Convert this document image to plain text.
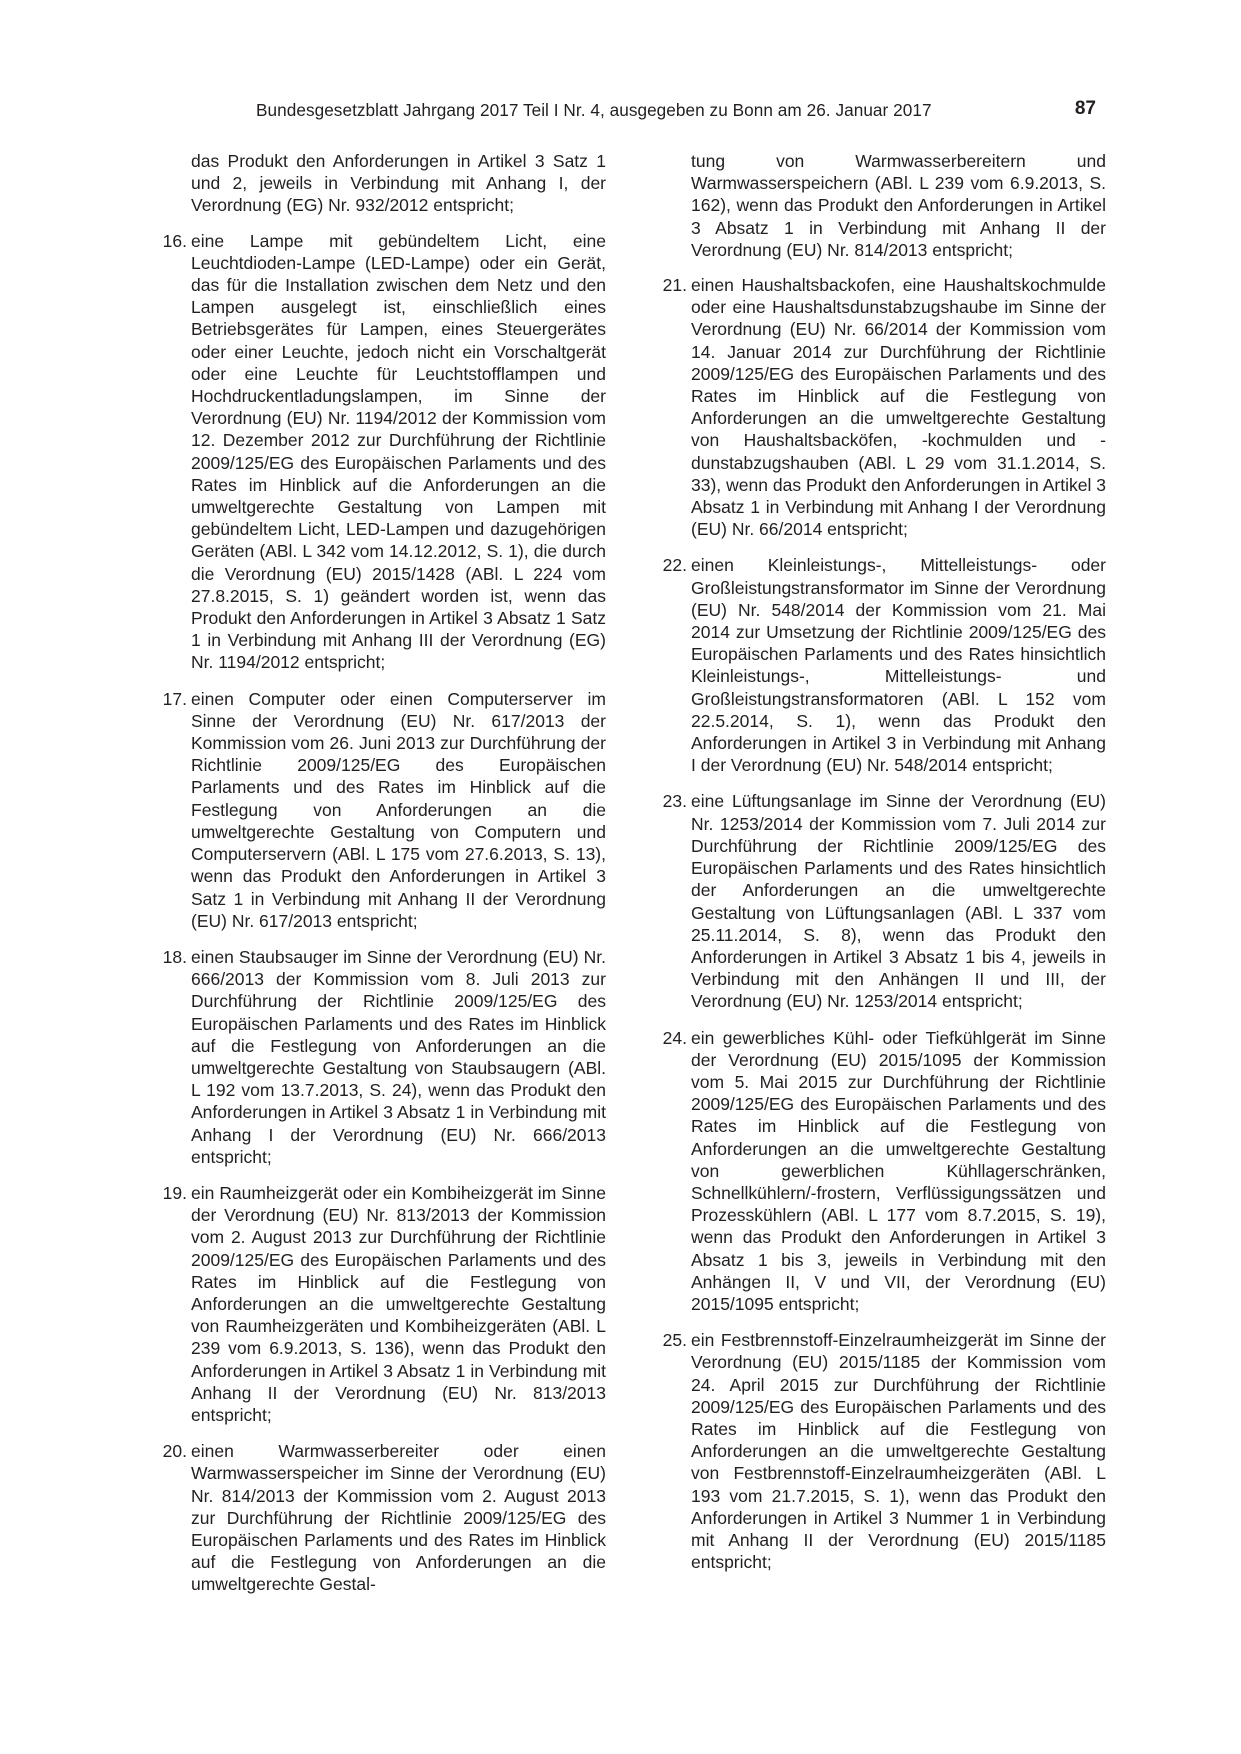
Bundesgesetzblatt Jahrgang 2017 Teil I Nr. 4, ausgegeben zu Bonn am 26. Januar 2017	87

das Produkt den Anforderungen in Artikel 3 Satz 1 und 2, jeweils in Verbindung mit Anhang I, der Verordnung (EG) Nr. 932/2012 entspricht;

16. eine Lampe mit gebündeltem Licht, eine Leuchtdioden-Lampe (LED-Lampe) oder ein Gerät, das für die Installation zwischen dem Netz und den Lampen ausgelegt ist, einschließlich eines Betriebsgerätes für Lampen, eines Steuergerätes oder einer Leuchte, jedoch nicht ein Vorschaltgerät oder eine Leuchte für Leuchtstofflampen und Hochdruckentladungslampen, im Sinne der Verordnung (EU) Nr. 1194/2012 der Kommission vom 12. Dezember 2012 zur Durchführung der Richtlinie 2009/125/EG des Europäischen Parlaments und des Rates im Hinblick auf die Anforderungen an die umweltgerechte Gestaltung von Lampen mit gebündeltem Licht, LED-Lampen und dazugehörigen Geräten (ABl. L 342 vom 14.12.2012, S. 1), die durch die Verordnung (EU) 2015/1428 (ABl. L 224 vom 27.8.2015, S. 1) geändert worden ist, wenn das Produkt den Anforderungen in Artikel 3 Absatz 1 Satz 1 in Verbindung mit Anhang III der Verordnung (EG) Nr. 1194/2012 entspricht;
17. einen Computer oder einen Computerserver im Sinne der Verordnung (EU) Nr. 617/2013 der Kommission vom 26. Juni 2013 zur Durchführung der Richtlinie 2009/125/EG des Europäischen Parlaments und des Rates im Hinblick auf die Festlegung von Anforderungen an die umweltgerechte Gestaltung von Computern und Computerservern (ABl. L 175 vom 27.6.2013, S. 13), wenn das Produkt den Anforderungen in Artikel 3 Satz 1 in Verbindung mit Anhang II der Verordnung (EU) Nr. 617/2013 entspricht;
18. einen Staubsauger im Sinne der Verordnung (EU) Nr. 666/2013 der Kommission vom 8. Juli 2013 zur Durchführung der Richtlinie 2009/125/EG des Europäischen Parlaments und des Rates im Hinblick auf die Festlegung von Anforderungen an die umweltgerechte Gestaltung von Staubsaugern (ABl. L 192 vom 13.7.2013, S. 24), wenn das Produkt den Anforderungen in Artikel 3 Absatz 1 in Verbindung mit Anhang I der Verordnung (EU) Nr. 666/2013 entspricht;
19. ein Raumheizgerät oder ein Kombiheizgerät im Sinne der Verordnung (EU) Nr. 813/2013 der Kommission vom 2. August 2013 zur Durchführung der Richtlinie 2009/125/EG des Europäischen Parlaments und des Rates im Hinblick auf die Festlegung von Anforderungen an die umweltgerechte Gestaltung von Raumheizgeräten und Kombiheizgeräten (ABl. L 239 vom 6.9.2013, S. 136), wenn das Produkt den Anforderungen in Artikel 3 Absatz 1 in Verbindung mit Anhang II der Verordnung (EU) Nr. 813/2013 entspricht;
20. einen Warmwasserbereiter oder einen Warmwasserspeicher im Sinne der Verordnung (EU) Nr. 814/2013 der Kommission vom 2. August 2013 zur Durchführung der Richtlinie 2009/125/EG des Europäischen Parlaments und des Rates im Hinblick auf die Festlegung von Anforderungen an die umweltgerechte Gestal-

tung von Warmwasserbereitern und Warmwasserspeichern (ABl. L 239 vom 6.9.2013, S. 162), wenn das Produkt den Anforderungen in Artikel 3 Absatz 1 in Verbindung mit Anhang II der Verordnung (EU) Nr. 814/2013 entspricht;

21. einen Haushaltsbackofen, eine Haushaltskochmulde oder eine Haushaltsdunstabzugshaube im Sinne der Verordnung (EU) Nr. 66/2014 der Kommission vom 14. Januar 2014 zur Durchführung der Richtlinie 2009/125/EG des Europäischen Parlaments und des Rates im Hinblick auf die Festlegung von Anforderungen an die umweltgerechte Gestaltung von Haushaltsbacköfen, -kochmulden und -dunstabzugshauben (ABl. L 29 vom 31.1.2014, S. 33), wenn das Produkt den Anforderungen in Artikel 3 Absatz 1 in Verbindung mit Anhang I der Verordnung (EU) Nr. 66/2014 entspricht;
22. einen Kleinleistungs-, Mittelleistungs- oder Großleistungstransformator im Sinne der Verordnung (EU) Nr. 548/2014 der Kommission vom 21. Mai 2014 zur Umsetzung der Richtlinie 2009/125/EG des Europäischen Parlaments und des Rates hinsichtlich Kleinleistungs-, Mittelleistungs- und Großleistungstransformatoren (ABl. L 152 vom 22.5.2014, S. 1), wenn das Produkt den Anforderungen in Artikel 3 in Verbindung mit Anhang I der Verordnung (EU) Nr. 548/2014 entspricht;
23. eine Lüftungsanlage im Sinne der Verordnung (EU) Nr. 1253/2014 der Kommission vom 7. Juli 2014 zur Durchführung der Richtlinie 2009/125/EG des Europäischen Parlaments und des Rates hinsichtlich der Anforderungen an die umweltgerechte Gestaltung von Lüftungsanlagen (ABl. L 337 vom 25.11.2014, S. 8), wenn das Produkt den Anforderungen in Artikel 3 Absatz 1 bis 4, jeweils in Verbindung mit den Anhängen II und III, der Verordnung (EU) Nr. 1253/2014 entspricht;
24. ein gewerbliches Kühl- oder Tiefkühlgerät im Sinne der Verordnung (EU) 2015/1095 der Kommission vom 5. Mai 2015 zur Durchführung der Richtlinie 2009/125/EG des Europäischen Parlaments und des Rates im Hinblick auf die Festlegung von Anforderungen an die umweltgerechte Gestaltung von gewerblichen Kühllagerschränken, Schnellkühlern/-frostern, Verflüssigungssätzen und Prozesskühlern (ABl. L 177 vom 8.7.2015, S. 19), wenn das Produkt den Anforderungen in Artikel 3 Absatz 1 bis 3, jeweils in Verbindung mit den Anhängen II, V und VII, der Verordnung (EU) 2015/1095 entspricht;
25. ein Festbrennstoff-Einzelraumheizgerät im Sinne der Verordnung (EU) 2015/1185 der Kommission vom 24. April 2015 zur Durchführung der Richtlinie 2009/125/EG des Europäischen Parlaments und des Rates im Hinblick auf die Festlegung von Anforderungen an die umweltgerechte Gestaltung von Festbrennstoff-Einzelraumheizgeräten (ABl. L 193 vom 21.7.2015, S. 1), wenn das Produkt den Anforderungen in Artikel 3 Nummer 1 in Verbindung mit Anhang II der Verordnung (EU) 2015/1185 entspricht;
